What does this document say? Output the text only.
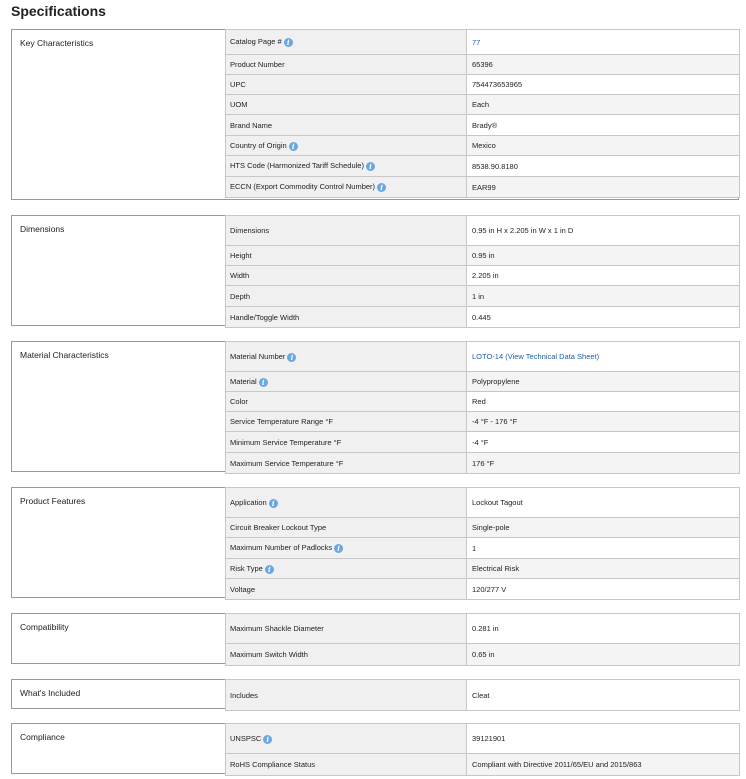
Specifications
Key Characteristics	Catalog Page # i	77
Product Number	65396
UPC	754473653965
UOM	Each
Brand Name	Brady®
Country of Origin i	Mexico
HTS Code (Harmonized Tariff Schedule) i	8538.90.8180
ECCN (Export Commodity Control Number) i	EAR99
Dimensions	Dimensions	0.95 in H x 2.205 in W x 1 in D
Height	0.95 in
Width	2.205 in
Depth	1 in
Handle/Toggle Width	0.445
Material Characteristics	Material Number i	LOTO-14 (View Technical Data Sheet)
Material i	Polypropylene
Color	Red
Service Temperature Range °F	-4 °F - 176 °F
Minimum Service Temperature °F	-4 °F
Maximum Service Temperature °F	176 °F
Product Features	Application i	Lockout Tagout
Circuit Breaker Lockout Type	Single-pole
Maximum Number of Padlocks i	1
Risk Type i	Electrical Risk
Voltage	120/277 V
Compatibility	Maximum Shackle Diameter	0.281 in
Maximum Switch Width	0.65 in
What's Included	Includes	Cleat
Compliance	UNSPSC i	39121901
RoHS Compliance Status	Compliant with Directive 2011/65/EU and 2015/863
